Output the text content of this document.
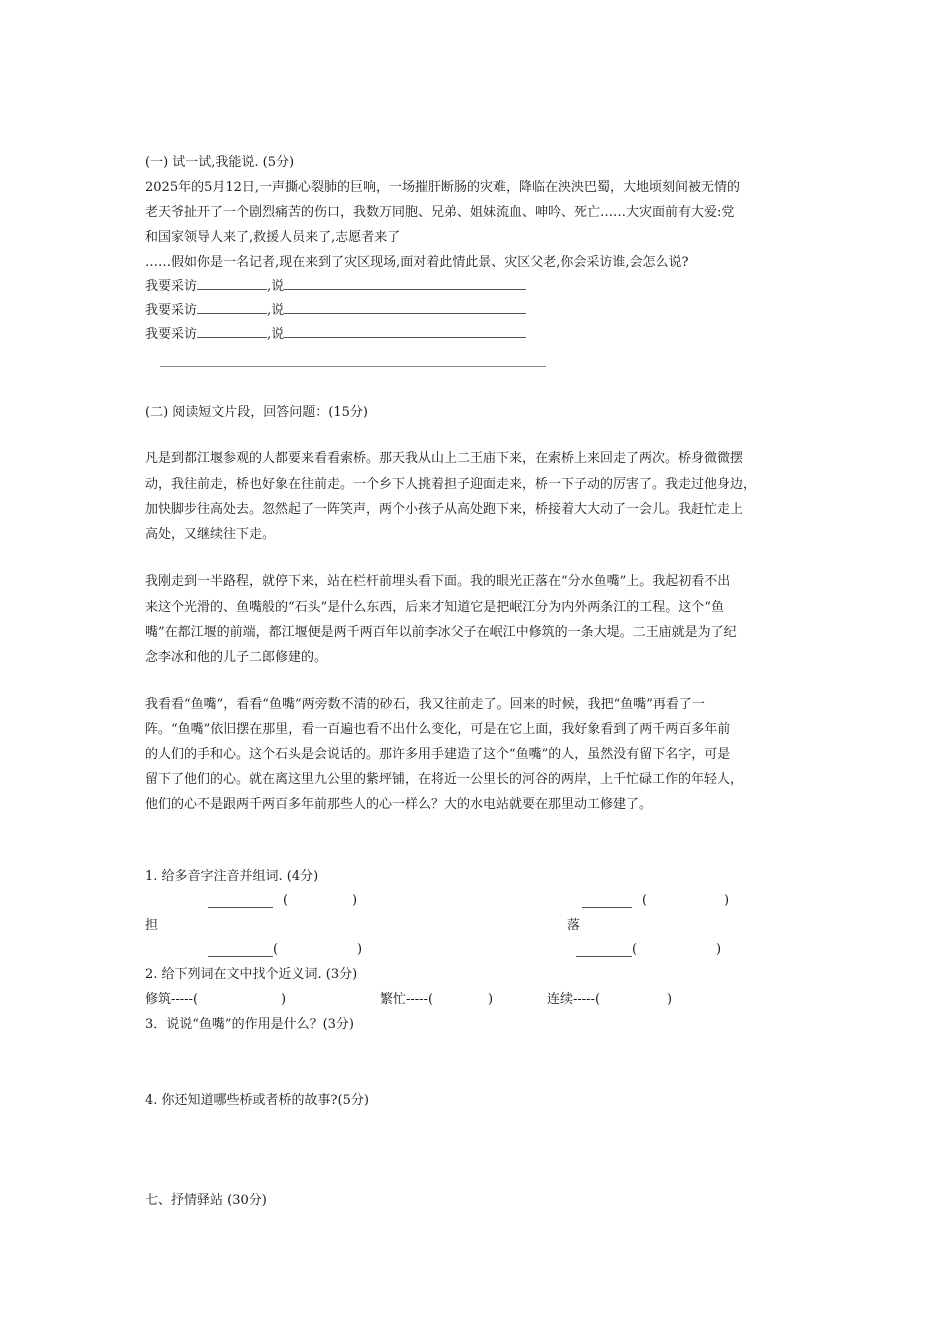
(一) 试一试,我能说. (5分)
2025年的5月12日,一声撕心裂肺的巨响，一场摧肝断肠的灾难，降临在泱泱巴蜀，大地顷刻间被无情的
老天爷扯开了一个剧烈痛苦的伤口，我数万同胞、兄弟、姐妹流血、呻吟、死亡……大灾面前有大爱:党
和国家领导人来了,救援人员来了,志愿者来了
……假如你是一名记者,现在来到了灾区现场,面对着此情此景、灾区父老,你会采访谁,会怎么说?
我要采访	,说
我要采访	,说
我要采访	,说
(二) 阅读短文片段，回答问题：(15分)
凡是到都江堰参观的人都要来看看索桥。那天我从山上二王庙下来，在索桥上来回走了两次。桥身微微摆
动，我往前走，桥也好象在往前走。一个乡下人挑着担子迎面走来，桥一下子动的厉害了。我走过他身边，
加快脚步往高处去。忽然起了一阵笑声，两个小孩子从高处跑下来，桥接着大大动了一会儿。我赶忙走上
高处，又继续往下走。
我刚走到一半路程，就停下来，站在栏杆前埋头看下面。我的眼光正落在“分水鱼嘴”上。我起初看不出
来这个光滑的、鱼嘴般的“石头”是什么东西，后来才知道它是把岷江分为内外两条江的工程。这个“鱼
嘴”在都江堰的前端，都江堰便是两千两百年以前李冰父子在岷江中修筑的一条大堤。二王庙就是为了纪
念李冰和他的儿子二郎修建的。
我看看“鱼嘴”，看看“鱼嘴”两旁数不清的砂石，我又往前走了。回来的时候，我把“鱼嘴”再看了一
阵。“鱼嘴”依旧摆在那里，看一百遍也看不出什么变化，可是在它上面，我好象看到了两千两百多年前
的人们的手和心。这个石头是会说话的。那许多用手建造了这个“鱼嘴”的人，虽然没有留下名字，可是
留下了他们的心。就在离这里九公里的紫坪铺，在将近一公里长的河谷的两岸，上千忙碌工作的年轻人，
他们的心不是跟两千两百多年前那些人的心一样么？大的水电站就要在那里动工修建了。
1. 给多音字注音并组词. (4分)
(	)	(	)
担	落
(	)	(	)
2. 给下列词在文中找个近义词. (3分)
修筑-----(	)	繁忙-----(	)	连续-----(	)
3．说说“鱼嘴”的作用是什么？(3分)
4. 你还知道哪些桥或者桥的故事?(5分)
七、抒情驿站 (30分)
